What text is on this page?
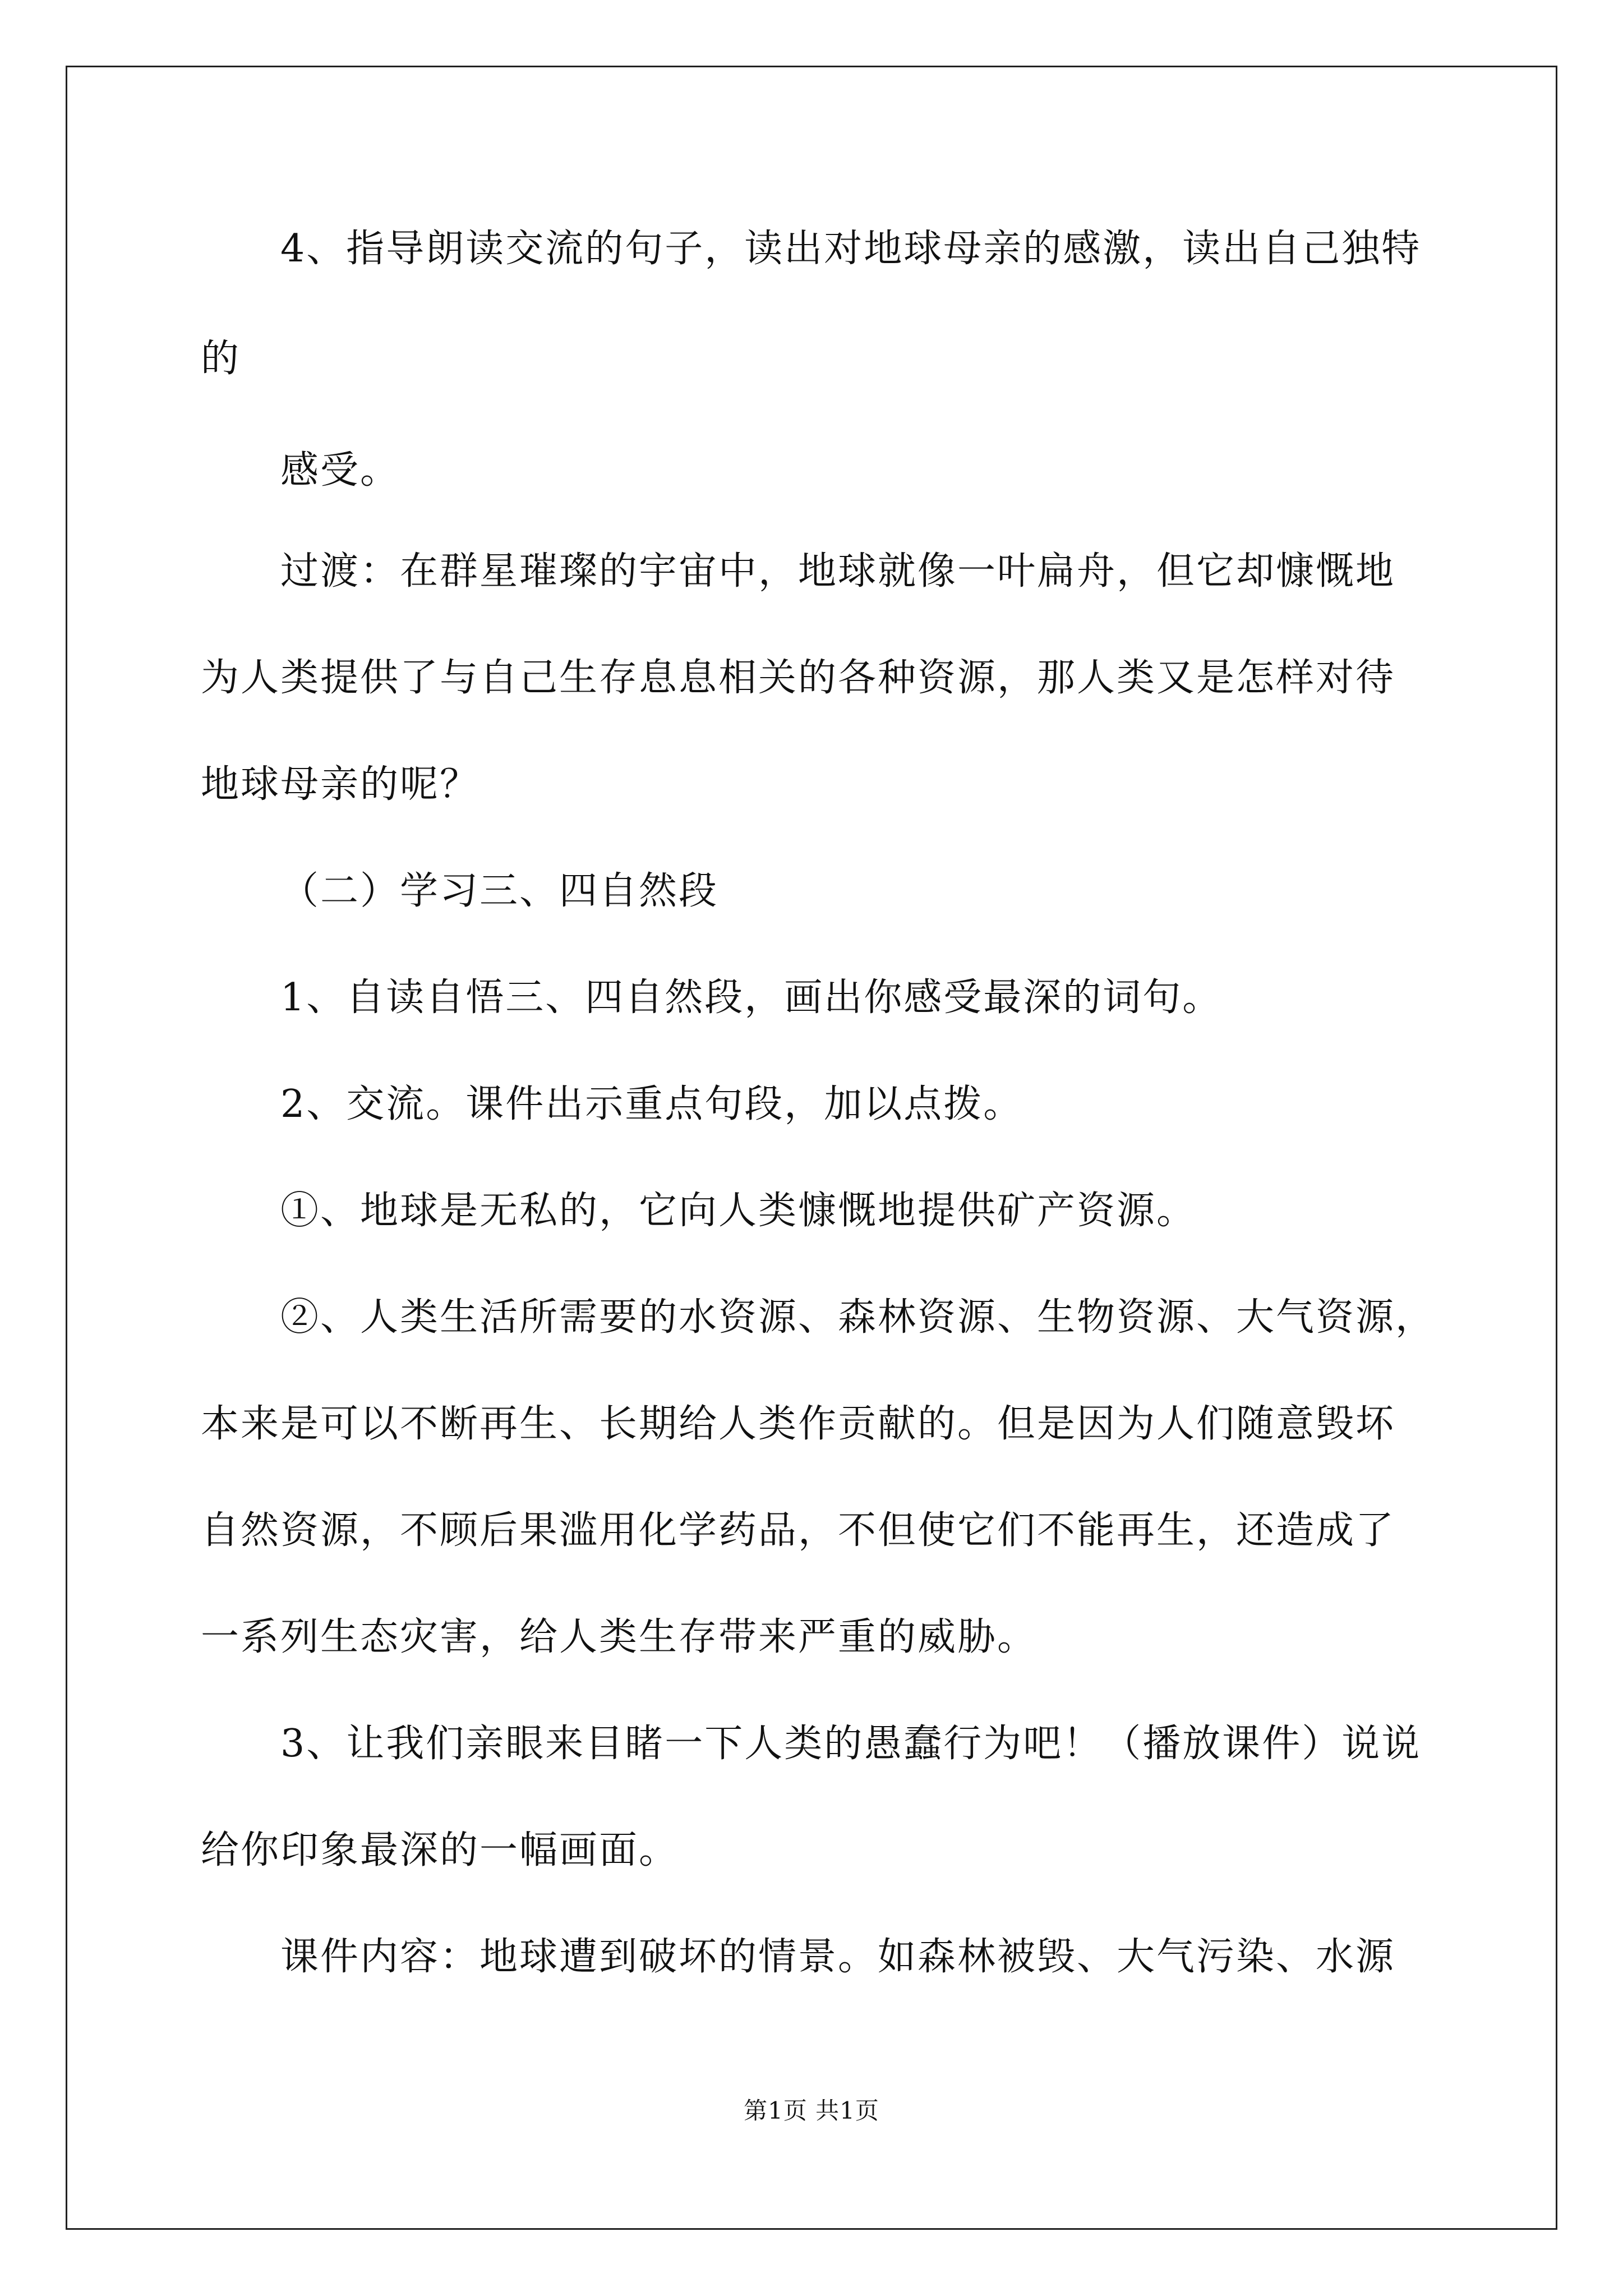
4、指导朗读交流的句子，读出对地球母亲的感激，读出自己独特
的
感受。
过渡：在群星璀璨的宇宙中，地球就像一叶扁舟，但它却慷慨地
为人类提供了与自己生存息息相关的各种资源，那人类又是怎样对待
地球母亲的呢？
（二）学习三、四自然段
1、自读自悟三、四自然段，画出你感受最深的词句。
2、交流。课件出示重点句段，加以点拨。
①、地球是无私的，它向人类慷慨地提供矿产资源。
②、人类生活所需要的水资源、森林资源、生物资源、大气资源，
本来是可以不断再生、长期给人类作贡献的。但是因为人们随意毁坏
自然资源，不顾后果滥用化学药品，不但使它们不能再生，还造成了
一系列生态灾害，给人类生存带来严重的威胁。
3、让我们亲眼来目睹一下人类的愚蠢行为吧！（播放课件）说说
给你印象最深的一幅画面。
课件内容：地球遭到破坏的情景。如森林被毁、大气污染、水源
第1页 共1页
